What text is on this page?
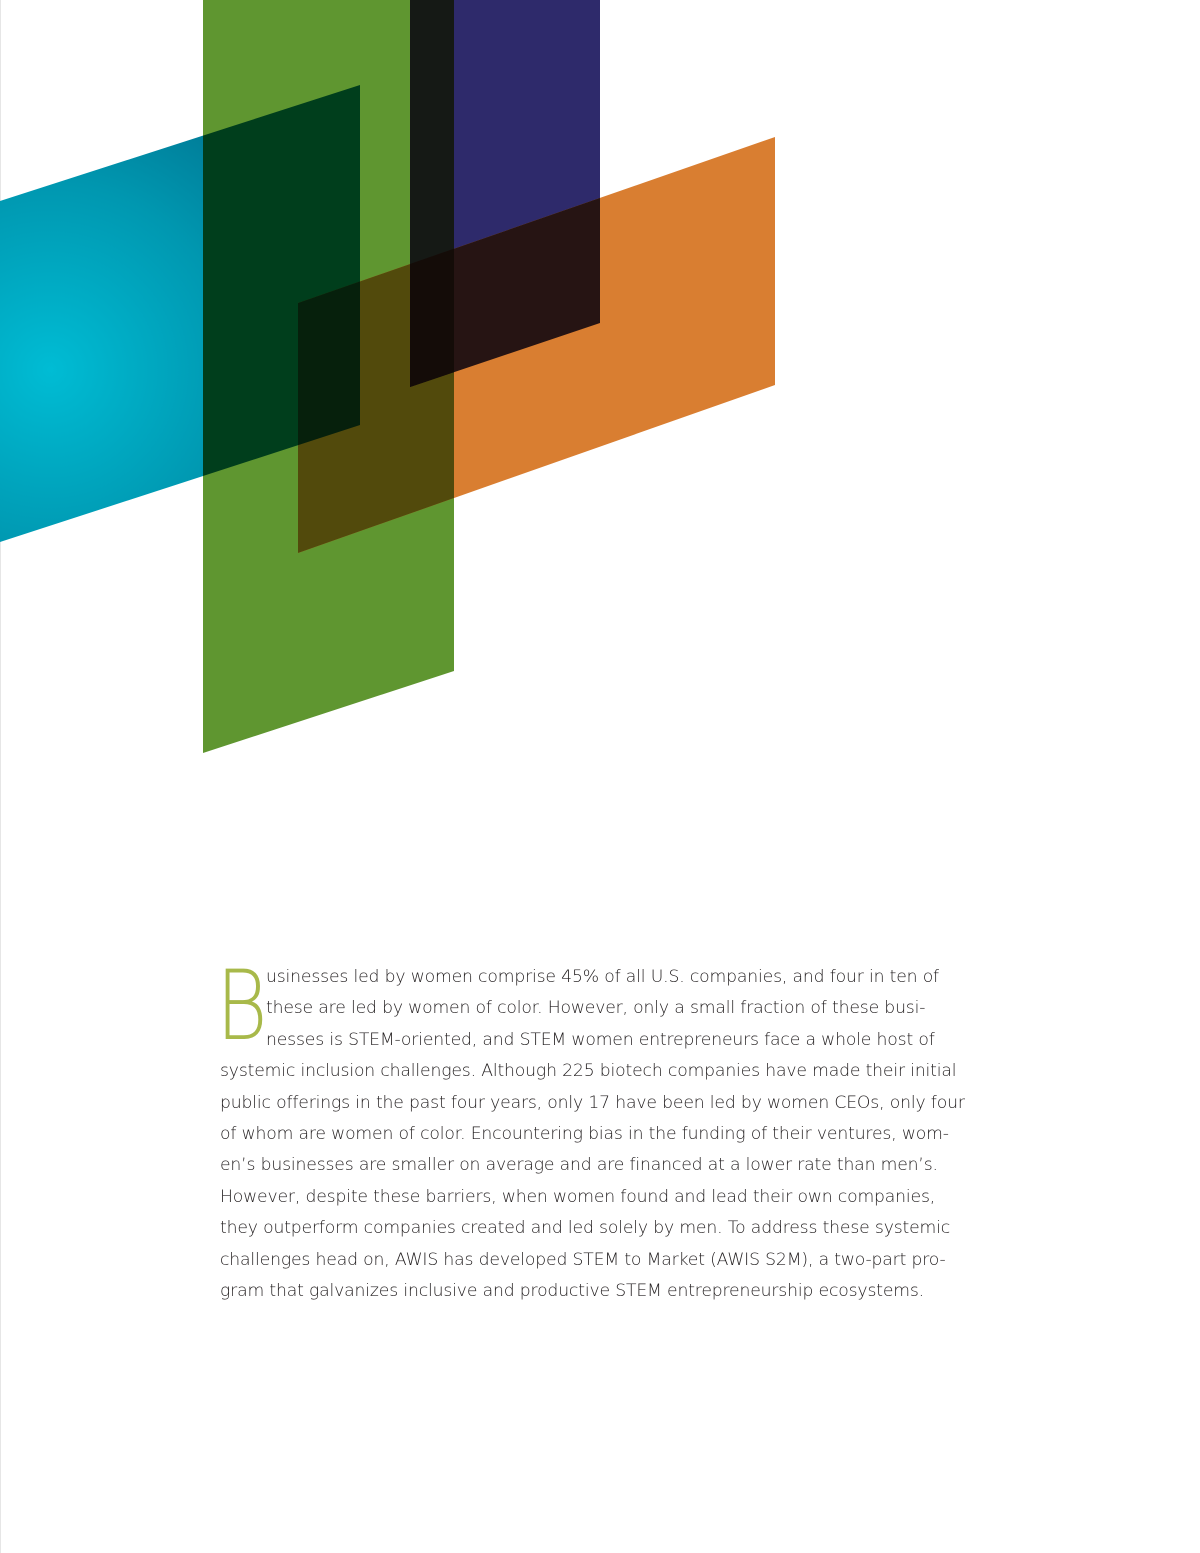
B

usinesses led by women comprise 45% of all U.S. companies, and four in ten of
these are led by women of color. However, only a small fraction of these busi-
nesses is STEM-oriented, and STEM women entrepreneurs face a whole host of
systemic inclusion challenges. Although 225 biotech companies have made their initial
public offerings in the past four years, only 17 have been led by women CEOs, only four
of whom are women of color. Encountering bias in the funding of their ventures, wom-
en’s businesses are smaller on average and are financed at a lower rate than men’s.
However, despite these barriers, when women found and lead their own companies,
they outperform companies created and led solely by men. To address these systemic
challenges head on, AWIS has developed STEM to Market (AWIS S2M), a two-part pro-
gram that galvanizes inclusive and productive STEM entrepreneurship ecosystems.
